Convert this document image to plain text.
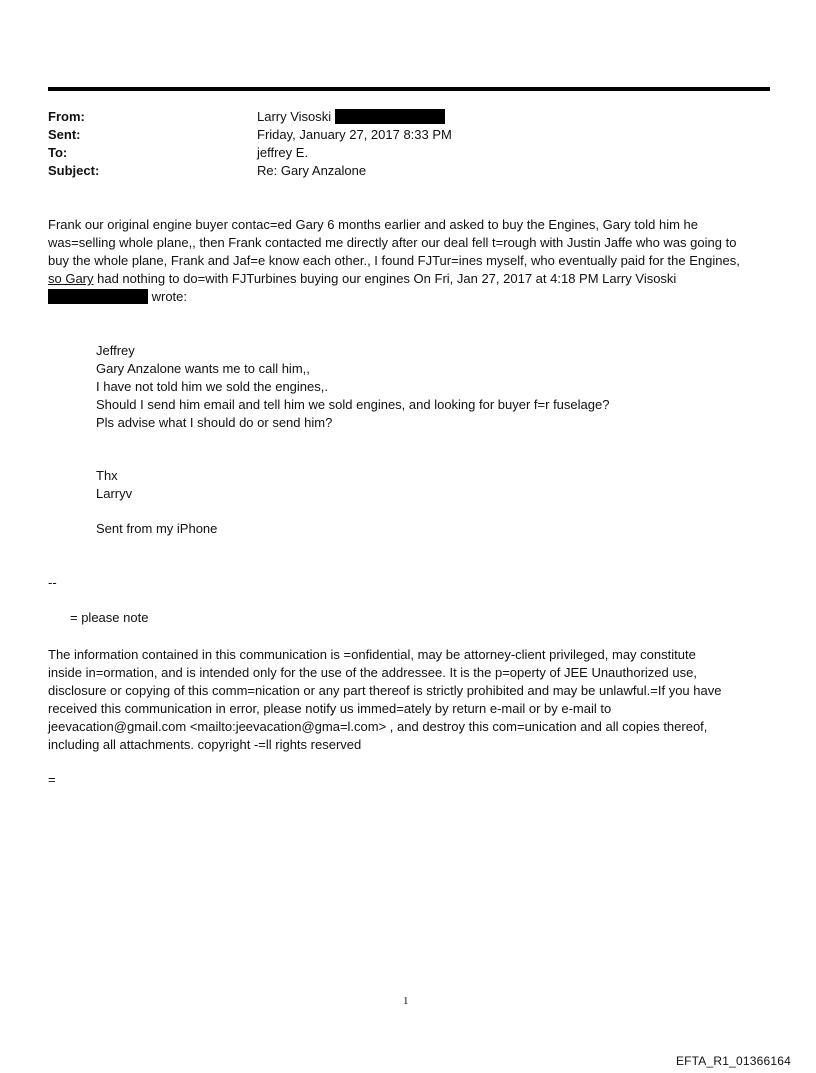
From:	Larry Visoski
Sent:	Friday, January 27, 2017 8:33 PM
To:	jeffrey E.
Subject:	Re: Gary Anzalone
Frank our original engine buyer contac=ed Gary 6 months earlier and asked to buy the Engines, Gary told him he
was=selling whole plane,, then Frank contacted me directly after our deal fell t=rough with Justin Jaffe who was going to
buy the whole plane, Frank and Jaf=e know each other., I found FJTur=ines myself, who eventually paid for the Engines,
so Gary had nothing to do=with FJTurbines buying our engines On Fri, Jan 27, 2017 at 4:18 PM Larry Visoski
wrote:
Jeffrey
Gary Anzalone wants me to call him,,
I have not told him we sold the engines,.
Should I send him email and tell him we sold engines, and looking for buyer f=r fuselage?
Pls advise what I should do or send him?
Thx
Larryv
Sent from my iPhone
--
= please note
The information contained in this communication is =onfidential, may be attorney-client privileged, may constitute
inside in=ormation, and is intended only for the use of the addressee. It is the p=operty of JEE Unauthorized use,
disclosure or copying of this comm=nication or any part thereof is strictly prohibited and may be unlawful.=If you have
received this communication in error, please notify us immed=ately by return e-mail or by e-mail to
jeevacation@gmail.com <mailto:jeevacation@gma=l.com> , and destroy this com=unication and all copies thereof,
including all attachments. copyright -=ll rights reserved
=
1
EFTA_R1_01366164
